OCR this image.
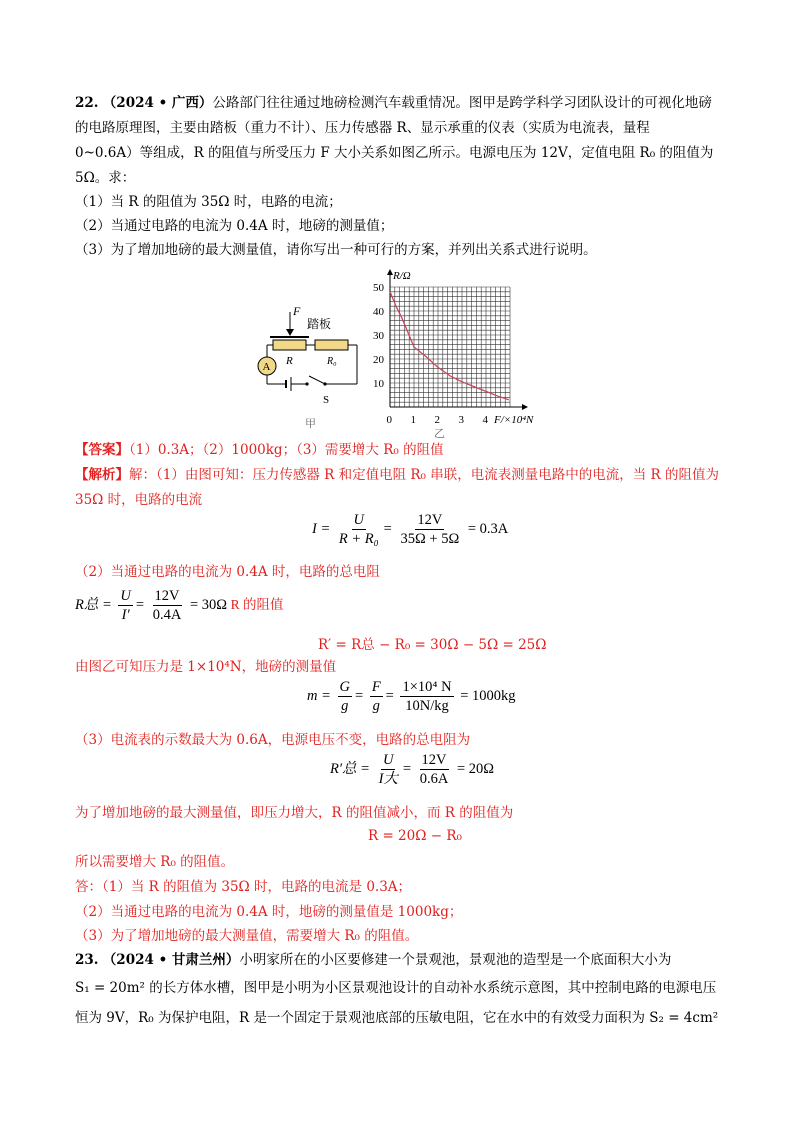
22. （2024 • 广西）公路部门往往通过地磅检测汽车载重情况。图甲是跨学科学习团队设计的可视化地磅
的电路原理图，主要由踏板（重力不计）、压力传感器 R、显示承重的仪表（实质为电流表，量程
0~0.6A）等组成，R 的阻值与所受压力 F 大小关系如图乙所示。电源电压为 12V，定值电阻 R₀ 的阻值为
5Ω。求：
（1）当 R 的阻值为 35Ω 时，电路的电流；
（2）当通过电路的电流为 0.4A 时，地磅的测量值；
（3）为了增加地磅的最大测量值，请你写出一种可行的方案，并列出关系式进行说明。
F
踏板
R	R₀
A
S
甲	0 1 2 3 4
10
20
30
40
50
R/Ω
F/×10⁴N
乙
【答案】（1）0.3A；（2）1000kg；（3）需要增大 R₀ 的阻值
【解析】解：（1）由图可知：压力传感器 R 和定值电阻 R₀ 串联，电流表测量电路中的电流，当 R 的阻值为
35Ω 时，电路的电流
$I = \frac{U}{\text{R + R₀}} = \frac{12V}{35\Omega + 5\Omega} = 0.3A$
（2）当通过电路的电流为 0.4A 时，电路的总电阻
R总 = $\frac{U}{I'} = \frac{12V}{0.4A} = 30\Omega$ R 的阻值
R′ = R总 − R₀ = 30Ω − 5Ω = 25Ω
由图乙可知压力是 1×10⁴N，地磅的测量值
$m = \frac{G}{g} = \frac{F}{g} = \frac{\text{1×10⁴ N}}{10N/kg} = 1000kg$
（3）电流表的示数最大为 0.6A，电源电压不变，电路的总电阻为
R′总 = $\frac{U}{\text{I大}} = \frac{12V}{0.6A} = 20\Omega$
为了增加地磅的最大测量值，即压力增大，R 的阻值减小，而 R 的阻值为
R = 20Ω − R₀
所以需要增大 R₀ 的阻值。
答：（1）当 R 的阻值为 35Ω 时，电路的电流是 0.3A；
（2）当通过电路的电流为 0.4A 时，地磅的测量值是 1000kg；
（3）为了增加地磅的最大测量值，需要增大 R₀ 的阻值。
23. （2024 • 甘肃兰州）小明家所在的小区要修建一个景观池，景观池的造型是一个底面积大小为
S₁ = 20m² 的长方体水槽，图甲是小明为小区景观池设计的自动补水系统示意图，其中控制电路的电源电压
恒为 9V，R₀ 为保护电阻，R 是一个固定于景观池底部的压敏电阻，它在水中的有效受力面积为 S₂ = 4cm²
